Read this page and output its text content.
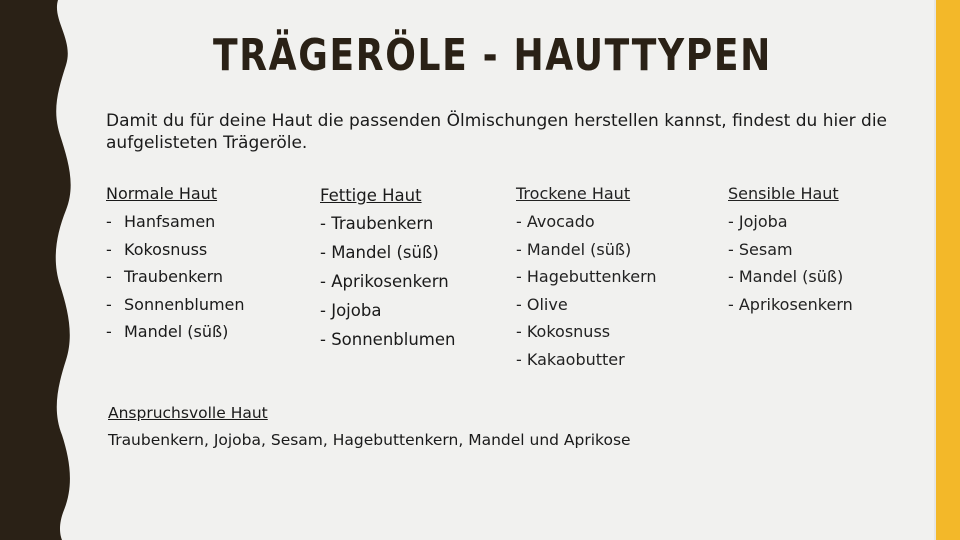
TRÄGERÖLE - HAUTTYPEN

Damit du für deine Haut die passenden Ölmischungen herstellen kannst, findest du hier die aufgelisteten Trägeröle.

Normale Haut
- Hanfsamen
- Kokosnuss
- Traubenkern
- Sonnenblumen
- Mandel (süß)
Fettige Haut
- Traubenkern
- Mandel (süß)
- Aprikosenkern
- Jojoba
- Sonnenblumen
Trockene Haut
- Avocado
- Mandel (süß)
- Hagebuttenkern
- Olive
- Kokosnuss
- Kakaobutter
Sensible Haut
- Jojoba
- Sesam
- Mandel (süß)
- Aprikosenkern
Anspruchsvolle Haut
Traubenkern, Jojoba, Sesam, Hagebuttenkern, Mandel und Aprikose
